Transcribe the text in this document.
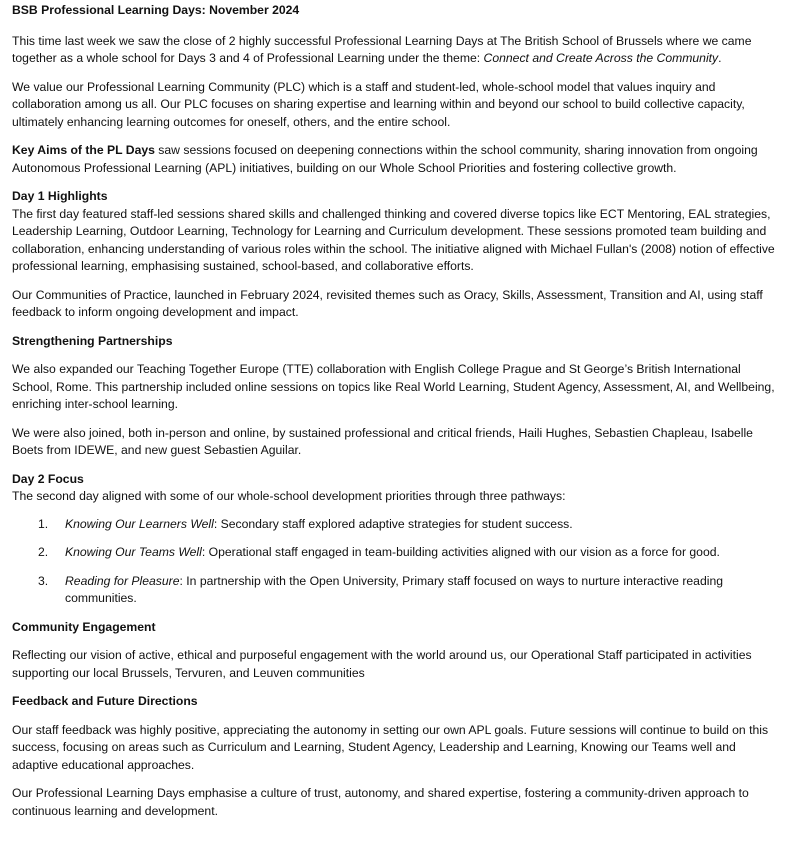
BSB Professional Learning Days: November 2024

This time last week we saw the close of 2 highly successful Professional Learning Days at The British School of Brussels where we came together as a whole school for Days 3 and 4 of Professional Learning under the theme: Connect and Create Across the Community.

We value our Professional Learning Community (PLC) which is a staff and student-led, whole-school model that values inquiry and collaboration among us all. Our PLC focuses on sharing expertise and learning within and beyond our school to build collective capacity, ultimately enhancing learning outcomes for oneself, others, and the entire school.

Key Aims of the PL Days saw sessions focused on deepening connections within the school community, sharing innovation from ongoing Autonomous Professional Learning (APL) initiatives, building on our Whole School Priorities and fostering collective growth.

Day 1 Highlights

The first day featured staff-led sessions shared skills and challenged thinking and covered diverse topics like ECT Mentoring, EAL strategies, Leadership Learning, Outdoor Learning, Technology for Learning and Curriculum development. These sessions promoted team building and collaboration, enhancing understanding of various roles within the school. The initiative aligned with Michael Fullan's (2008) notion of effective professional learning, emphasising sustained, school-based, and collaborative efforts.

Our Communities of Practice, launched in February 2024, revisited themes such as Oracy, Skills, Assessment, Transition and AI, using staff feedback to inform ongoing development and impact.

Strengthening Partnerships

We also expanded our Teaching Together Europe (TTE) collaboration with English College Prague and St George’s British International School, Rome. This partnership included online sessions on topics like Real World Learning, Student Agency, Assessment, AI, and Wellbeing, enriching inter-school learning.

We were also joined, both in-person and online, by sustained professional and critical friends, Haili Hughes, Sebastien Chapleau, Isabelle Boets from IDEWE, and new guest Sebastien Aguilar.

Day 2 Focus

The second day aligned with some of our whole-school development priorities through three pathways:

1. Knowing Our Learners Well: Secondary staff explored adaptive strategies for student success.
2. Knowing Our Teams Well: Operational staff engaged in team-building activities aligned with our vision as a force for good.
3. Reading for Pleasure: In partnership with the Open University, Primary staff focused on ways to nurture interactive reading communities.

Community Engagement

Reflecting our vision of active, ethical and purposeful engagement with the world around us, our Operational Staff participated in activities supporting our local Brussels, Tervuren, and Leuven communities

Feedback and Future Directions

Our staff feedback was highly positive, appreciating the autonomy in setting our own APL goals. Future sessions will continue to build on this success, focusing on areas such as Curriculum and Learning, Student Agency, Leadership and Learning, Knowing our Teams well and adaptive educational approaches.

Our Professional Learning Days emphasise a culture of trust, autonomy, and shared expertise, fostering a community-driven approach to continuous learning and development.
